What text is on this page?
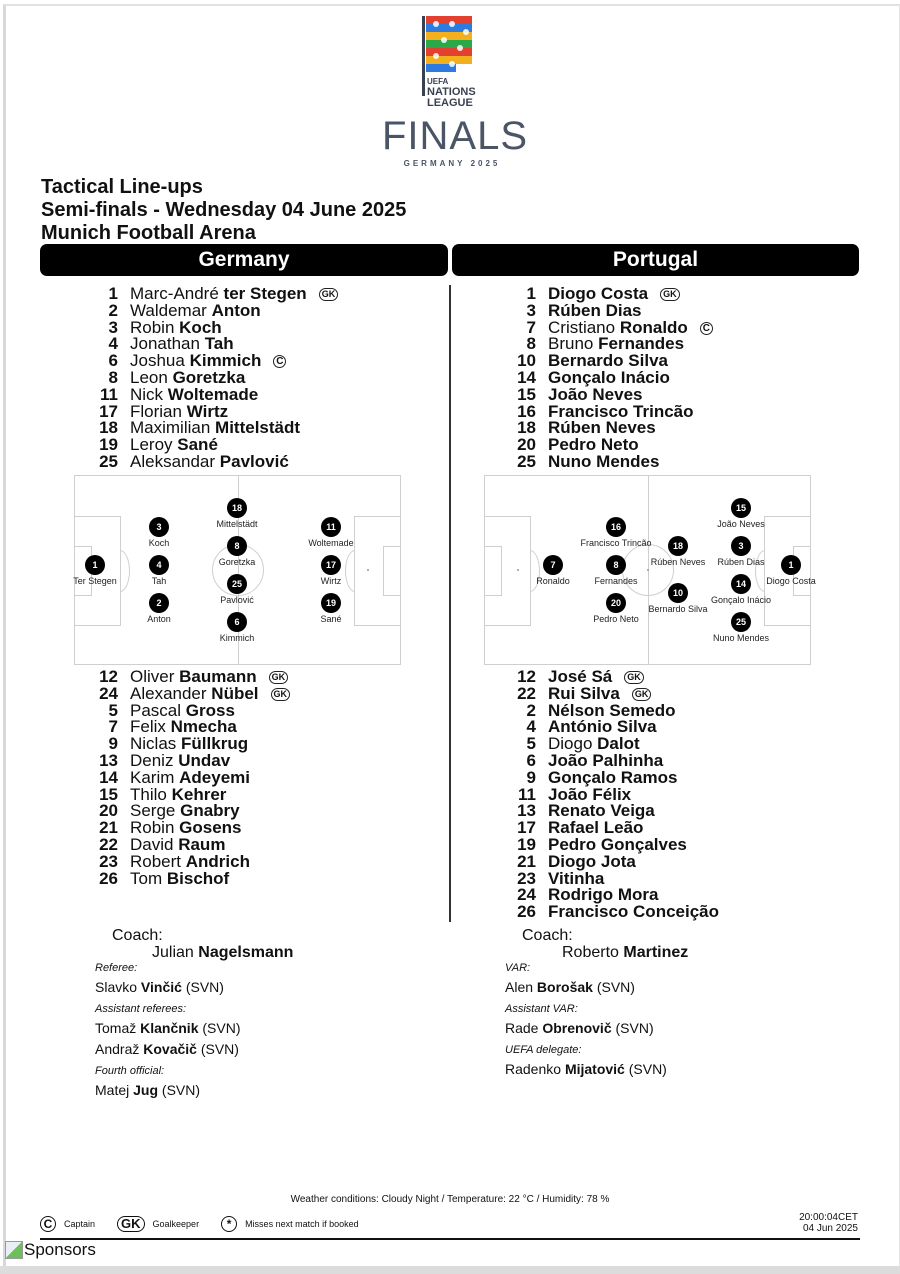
UEFA
NATIONS
LEAGUE
FINALS
GERMANY 2025
Tactical Line-ups
Semi-finals - Wednesday 04 June 2025
Munich Football Arena
Germany	Portugal
1 Marc-André ter Stegen GK
2 Waldemar Anton
3 Robin Koch
4 Jonathan Tah
6 Joshua Kimmich C
8 Leon Goretzka
11 Nick Woltemade
17 Florian Wirtz
18 Maximilian Mittelstädt
19 Leroy Sané
25 Aleksandar Pavlović
1 Diogo Costa GK
3 Rúben Dias
7 Cristiano Ronaldo C
8 Bruno Fernandes
10 Bernardo Silva
14 Gonçalo Inácio
15 João Neves
16 Francisco Trincão
18 Rúben Neves
20 Pedro Neto
25 Nuno Mendes
1
Ter Stegen
3
Koch
4
Tah
2
Anton
18
Mittelstädt
8
Goretzka
25
Pavlović
6
Kimmich
11
Woltemade
17
Wirtz
19
Sané
7
Ronaldo
16
Francisco Trincão
8
Fernandes
20
Pedro Neto
18
Rúben Neves
10
Bernardo Silva
15
João Neves
3
Rúben Dias
14
Gonçalo Inácio
25
Nuno Mendes
1
Diogo Costa
12 Oliver Baumann GK
24 Alexander Nübel GK
5 Pascal Gross
7 Felix Nmecha
9 Niclas Füllkrug
13 Deniz Undav
14 Karim Adeyemi
15 Thilo Kehrer
20 Serge Gnabry
21 Robin Gosens
22 David Raum
23 Robert Andrich
26 Tom Bischof
12 José Sá GK
22 Rui Silva GK
2 Nélson Semedo
4 António Silva
5 Diogo Dalot
6 João Palhinha
9 Gonçalo Ramos
11 João Félix
13 Renato Veiga
17 Rafael Leão
19 Pedro Gonçalves
21 Diogo Jota
23 Vitinha
24 Rodrigo Mora
26 Francisco Conceição
Coach:
Julian Nagelsmann
Coach:
Roberto Martinez
Referee:
Slavko Vinčić (SVN)
Assistant referees:
Tomaž Klančnik (SVN)
Andraž Kovačič (SVN)
Fourth official:
Matej Jug (SVN)
VAR:
Alen Borošak (SVN)
Assistant VAR:
Rade Obrenovič (SVN)
UEFA delegate:
Radenko Mijatović (SVN)
Weather conditions: Cloudy Night / Temperature: 22 °C / Humidity: 78 %
C	Captain	GK	Goalkeeper	*	Misses next match if booked
20:00:04CET
04 Jun 2025
Sponsors
